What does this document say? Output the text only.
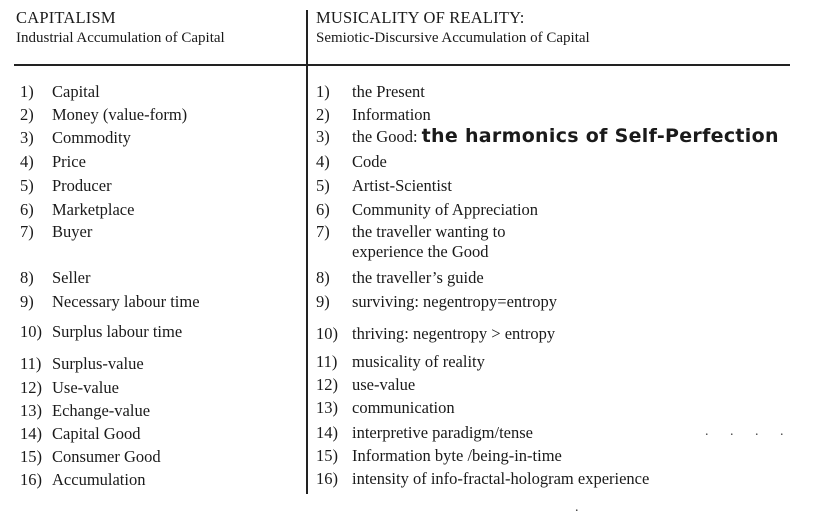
CAPITALISM
Industrial Accumulation of Capital
MUSICALITY OF REALITY:
Semiotic-Discursive Accumulation of Capital
1) Capital
2) Money (value-form)
3) Commodity
4) Price
5) Producer
6) Marketplace
7) Buyer
8) Seller
9) Necessary labour time
10) Surplus labour time
11) Surplus-value
12) Use-value
13) Echange-value
14) Capital Good
15) Consumer Good
16) Accumulation
1) the Present
2) Information
3) the Good: the harmonics of Self-Perfection
4) Code
5) Artist-Scientist
6) Community of Appreciation
7) the traveller wanting to
experience the Good
8) the traveller’s guide
9) surviving: negentropy=entropy
10) thriving: negentropy > entropy
11) musicality of reality
12) use-value
13) communication
14) interpretive paradigm/tense
15) Information byte /being-in-time
16) intensity of info-fractal-hologram experience
. . . .
.
